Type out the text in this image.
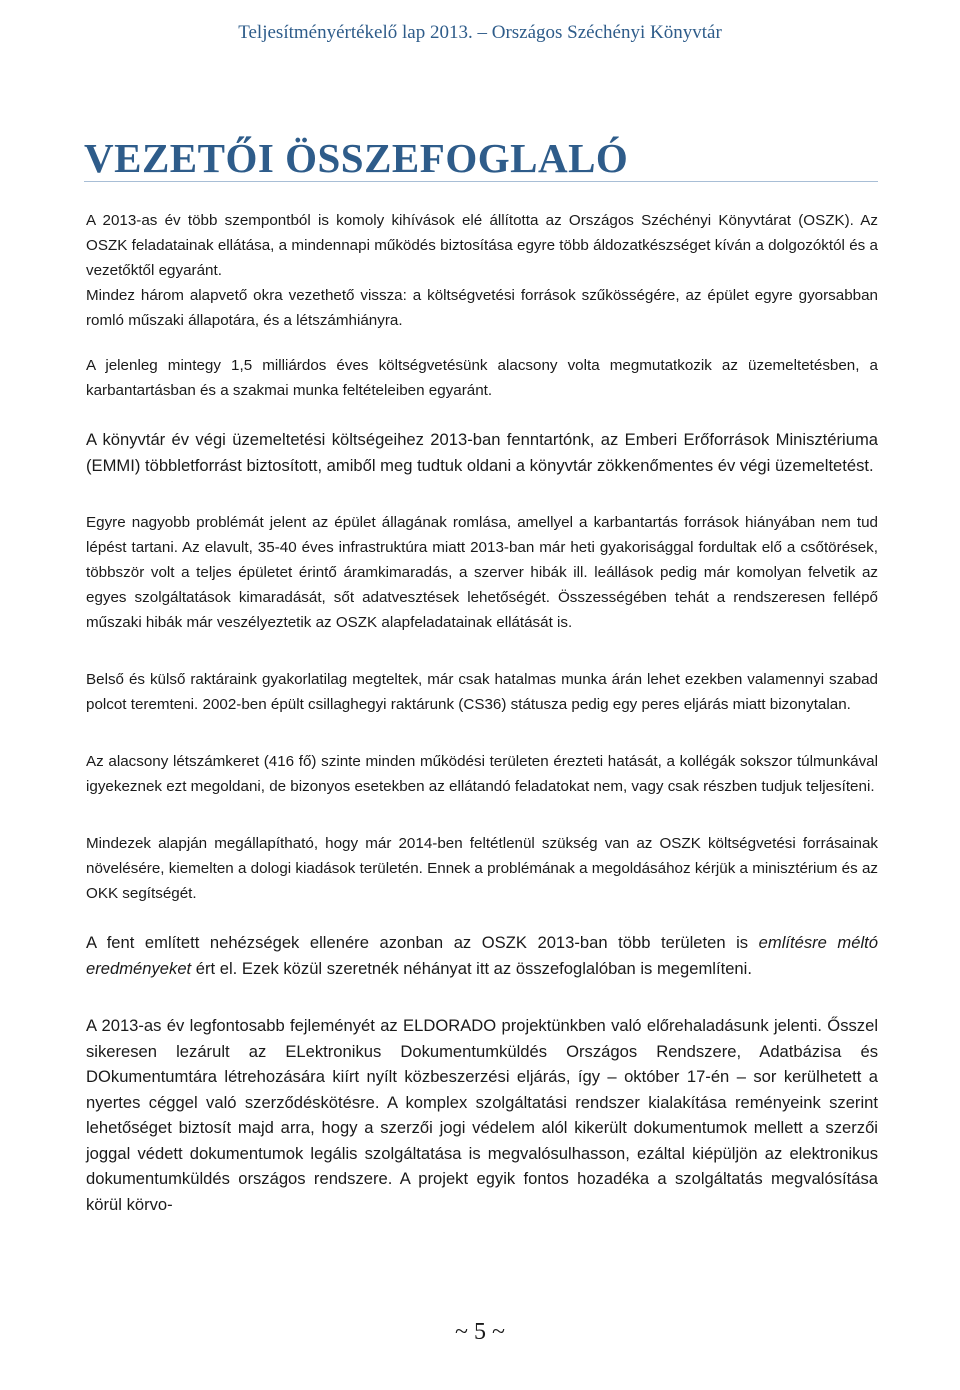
Teljesítményértékelő lap 2013. – Országos Széchényi Könyvtár
VEZETŐI ÖSSZEFOGLALÓ

A 2013-as év több szempontból is komoly kihívások elé állította az Országos Széchényi Könyvtárat (OSZK). Az OSZK feladatainak ellátása, a mindennapi működés biztosítása egyre több áldozatkészséget kíván a dolgozóktól és a vezetőktől egyaránt.

Mindez három alapvető okra vezethető vissza: a költségvetési források szűkösségére, az épület egyre gyorsabban romló műszaki állapotára, és a létszámhiányra.

A jelenleg mintegy 1,5 milliárdos éves költségvetésünk alacsony volta megmutatkozik az üzemeltetésben, a karbantartásban és a szakmai munka feltételeiben egyaránt.

A könyvtár év végi üzemeltetési költségeihez 2013-ban fenntartónk, az Emberi Erőforrások Minisztériuma (EMMI) többletforrást biztosított, amiből meg tudtuk oldani a könyvtár zökkenőmentes év végi üzemeltetést.

Egyre nagyobb problémát jelent az épület állagának romlása, amellyel a karbantartás források hiányában nem tud lépést tartani. Az elavult, 35-40 éves infrastruktúra miatt 2013-ban már heti gyakorisággal fordultak elő a csőtörések, többször volt a teljes épületet érintő áramkimaradás, a szerver hibák ill. leállások pedig már komolyan felvetik az egyes szolgáltatások kimaradását, sőt adatvesztések lehetőségét. Összességében tehát a rendszeresen fellépő műszaki hibák már veszélyeztetik az OSZK alapfeladatainak ellátását is.

Belső és külső raktáraink gyakorlatilag megteltek, már csak hatalmas munka árán lehet ezekben valamennyi szabad polcot teremteni. 2002-ben épült csillaghegyi raktárunk (CS36) státusza pedig egy peres eljárás miatt bizonytalan.

Az alacsony létszámkeret (416 fő) szinte minden működési területen érezteti hatását, a kollégák sokszor túlmunkával igyekeznek ezt megoldani, de bizonyos esetekben az ellátandó feladatokat nem, vagy csak részben tudjuk teljesíteni.

Mindezek alapján megállapítható, hogy már 2014-ben feltétlenül szükség van az OSZK költségvetési forrásainak növelésére, kiemelten a dologi kiadások területén. Ennek a problémának a megoldásához kérjük a minisztérium és az OKK segítségét.

A fent említett nehézségek ellenére azonban az OSZK 2013-ban több területen is említésre méltó eredményeket ért el. Ezek közül szeretnék néhányat itt az összefoglalóban is megemlíteni.

A 2013-as év legfontosabb fejleményét az ELDORADO projektünkben való előrehaladásunk jelenti. Ősszel sikeresen lezárult az ELektronikus Dokumentumküldés Országos Rendszere, Adatbázisa és DOkumentumtára létrehozására kiírt nyílt közbeszerzési eljárás, így – október 17-én – sor kerülhetett a nyertes céggel való szerződéskötésre. A komplex szolgáltatási rendszer kialakítása reményeink szerint lehetőséget biztosít majd arra, hogy a szerzői jogi védelem alól kikerült dokumentumok mellett a szerzői joggal védett dokumentumok legális szolgáltatása is megvalósulhasson, ezáltal kiépüljön az elektronikus dokumentumküldés országos rendszere. A projekt egyik fontos hozadéka a szolgáltatás megvalósítása körül körvo-

~ 5 ~
